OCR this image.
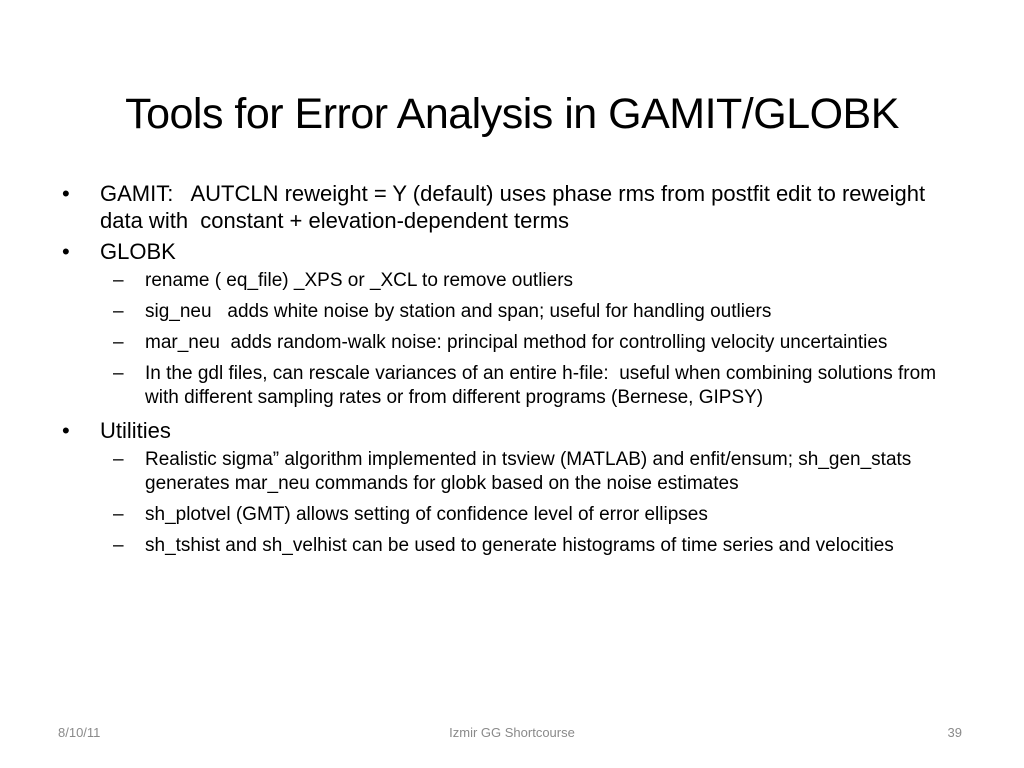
Tools for Error Analysis in GAMIT/GLOBK
• GAMIT:   AUTCLN reweight = Y (default) uses phase rms from postfit edit to reweight data with  constant + elevation-dependent terms
• GLOBK
– rename ( eq_file) _XPS or _XCL to remove outliers
– sig_neu   adds white noise by station and span; useful for handling outliers
– mar_neu  adds random-walk noise: principal method for controlling velocity uncertainties
– In the gdl files, can rescale variances of an entire h-file:  useful when combining solutions from with different sampling rates or from different programs (Bernese, GIPSY)
• Utilities
– Realistic sigma” algorithm implemented in tsview (MATLAB) and enfit/ensum; sh_gen_stats generates mar_neu commands for globk based on the noise estimates
– sh_plotvel (GMT) allows setting of confidence level of error ellipses
– sh_tshist and sh_velhist can be used to generate histograms of time series and velocities
8/10/11	Izmir GG Shortcourse	39
